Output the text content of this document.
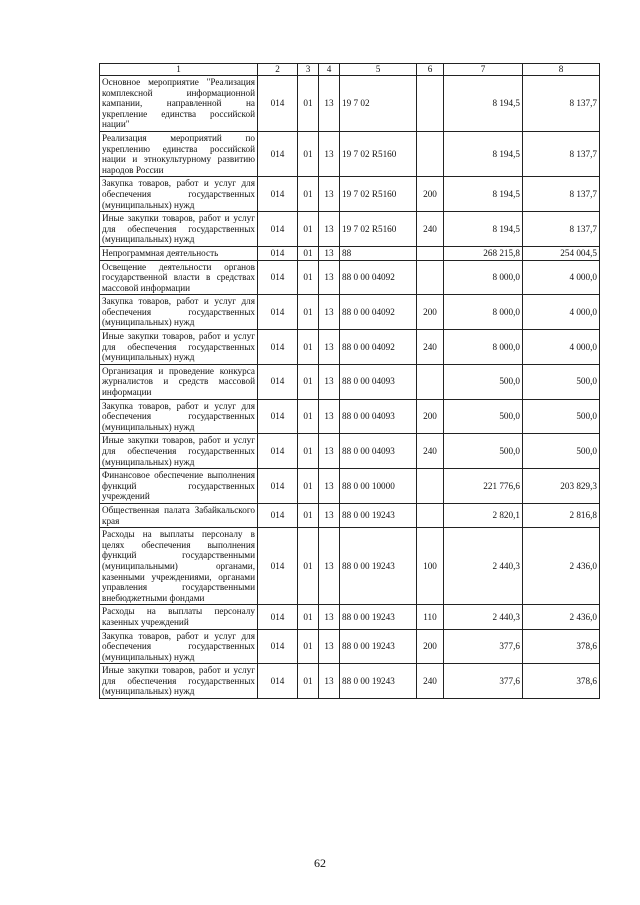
1	2	3	4	5	6	7	8
Основное мероприятие "Реализация комплексной информационной кампании, направленной на укрепление единства российской нации"	014	01	13	19 7 02		8 194,5	8 137,7
Реализация мероприятий по укреплению единства российской нации и этнокультурному развитию народов России	014	01	13	19 7 02 R5160		8 194,5	8 137,7
Закупка товаров, работ и услуг для обеспечения государственных (муниципальных) нужд	014	01	13	19 7 02 R5160	200	8 194,5	8 137,7
Иные закупки товаров, работ и услуг для обеспечения государственных (муниципальных) нужд	014	01	13	19 7 02 R5160	240	8 194,5	8 137,7
Непрограммная деятельность	014	01	13	88		268 215,8	254 004,5
Освещение деятельности органов государственной власти в средствах массовой информации	014	01	13	88 0 00 04092		8 000,0	4 000,0
Закупка товаров, работ и услуг для обеспечения государственных (муниципальных) нужд	014	01	13	88 0 00 04092	200	8 000,0	4 000,0
Иные закупки товаров, работ и услуг для обеспечения государственных (муниципальных) нужд	014	01	13	88 0 00 04092	240	8 000,0	4 000,0
Организация и проведение конкурса журналистов и средств массовой информации	014	01	13	88 0 00 04093		500,0	500,0
Закупка товаров, работ и услуг для обеспечения государственных (муниципальных) нужд	014	01	13	88 0 00 04093	200	500,0	500,0
Иные закупки товаров, работ и услуг для обеспечения государственных (муниципальных) нужд	014	01	13	88 0 00 04093	240	500,0	500,0
Финансовое обеспечение выполнения функций государственных учреждений	014	01	13	88 0 00 10000		221 776,6	203 829,3
Общественная палата Забайкальского края	014	01	13	88 0 00 19243		2 820,1	2 816,8
Расходы на выплаты персоналу в целях обеспечения выполнения функций государственными (муниципальными) органами, казенными учреждениями, органами управления государственными внебюджетными фондами	014	01	13	88 0 00 19243	100	2 440,3	2 436,0
Расходы на выплаты персоналу казенных учреждений	014	01	13	88 0 00 19243	110	2 440,3	2 436,0
Закупка товаров, работ и услуг для обеспечения государственных (муниципальных) нужд	014	01	13	88 0 00 19243	200	377,6	378,6
Иные закупки товаров, работ и услуг для обеспечения государственных (муниципальных) нужд	014	01	13	88 0 00 19243	240	377,6	378,6
62
